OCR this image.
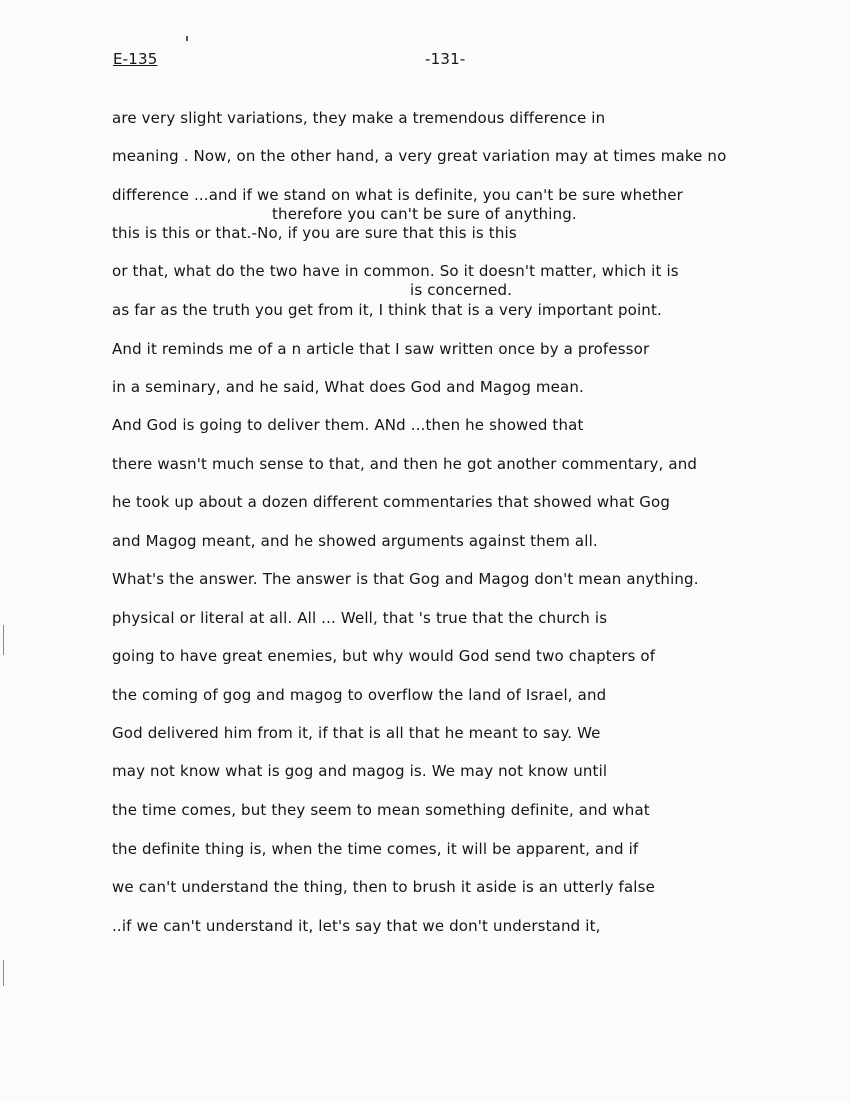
E-135	-131-
are very slight variations, they make a tremendous difference in
meaning . Now, on the other hand, a very great variation may at times make no
difference ...and if we stand on what is definite, you can't be sure whether
therefore you can't be sure of anything.
this is this or that.-No, if you are sure that this is this
or that, what do the two have in common. So it doesn't matter, which it is
is concerned.
as far as the truth you get from it, I think that is a very important point.
And it reminds me of a n article that I saw written once by a professor
in a seminary, and he said, What does God and Magog mean.
And God is going to deliver them. ANd ...then he showed that
there wasn't much sense to that, and then he got another commentary, and
he took up about a dozen different commentaries that showed what Gog
and Magog meant, and he showed arguments against them all.
What's the answer. The answer is that Gog and Magog don't mean anything.
physical or literal at all. All ... Well, that 's true that the church is
going to have great enemies, but why would God send two chapters of
the coming of gog and magog to overflow the land of Israel, and
God delivered him from it, if that is all that he meant to say. We
may not know what is gog and magog is. We may not know until
the time comes, but they seem to mean something definite, and what
the definite thing is, when the time comes, it will be apparent, and if
we can't understand the thing, then to brush it aside is an utterly false
..if we can't understand it, let's say that we don't understand it,
